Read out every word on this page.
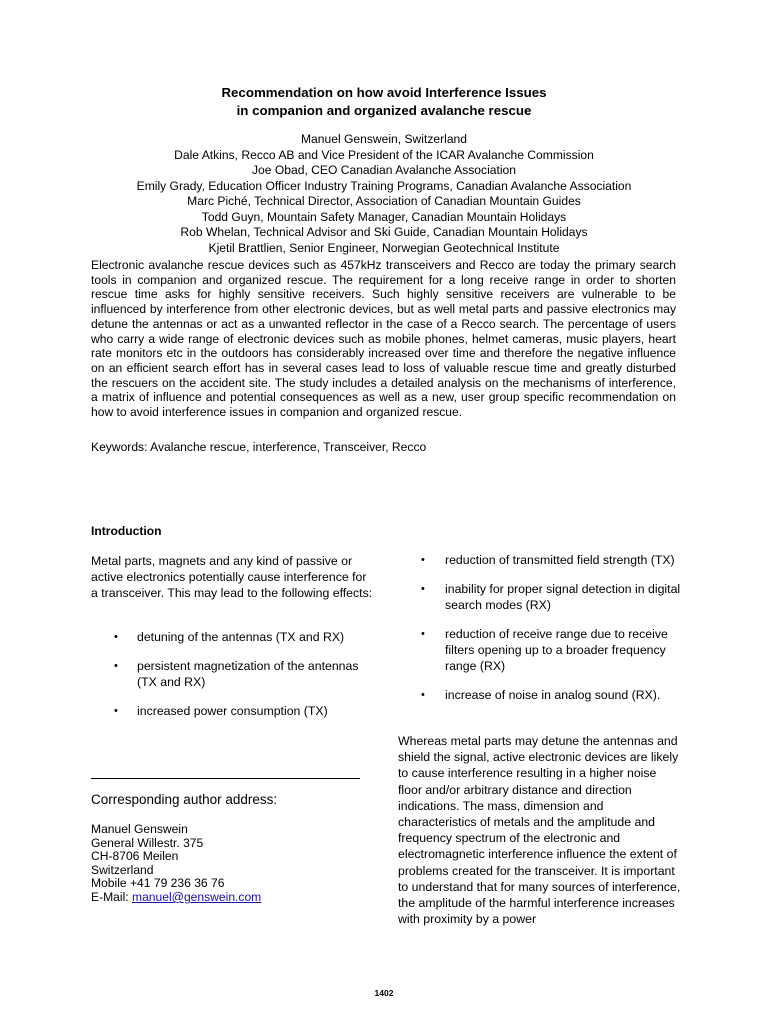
Recommendation on how avoid Interference Issues
in companion and organized avalanche rescue
Manuel Genswein, Switzerland
Dale Atkins, Recco AB and Vice President of the ICAR Avalanche Commission
Joe Obad, CEO Canadian Avalanche Association
Emily Grady, Education Officer Industry Training Programs, Canadian Avalanche Association
Marc Piché, Technical Director, Association of Canadian Mountain Guides
Todd Guyn, Mountain Safety Manager, Canadian Mountain Holidays
Rob Whelan, Technical Advisor and Ski Guide, Canadian Mountain Holidays
Kjetil Brattlien, Senior Engineer, Norwegian Geotechnical Institute

Electronic avalanche rescue devices such as 457kHz transceivers and Recco are today the primary search tools in companion and organized rescue. The requirement for a long receive range in order to shorten rescue time asks for highly sensitive receivers. Such highly sensitive receivers are vulnerable to be influenced by interference from other electronic devices, but as well metal parts and passive electronics may detune the antennas or act as a unwanted reflector in the case of a Recco search. The percentage of users who carry a wide range of electronic devices such as mobile phones, helmet cameras, music players, heart rate monitors etc in the outdoors has considerably increased over time and therefore the negative influence on an efficient search effort has in several cases lead to loss of valuable rescue time and greatly disturbed the rescuers on the accident site. The study includes a detailed analysis on the mechanisms of interference, a matrix of influence and potential consequences as well as a new, user group specific recommendation on how to avoid interference issues in companion and organized rescue.

Keywords: Avalanche rescue, interference, Transceiver, Recco

Introduction

Metal parts, magnets and any kind of passive or active electronics potentially cause interference for a transceiver. This may lead to the following effects:

• detuning of the antennas (TX and RX)
• persistent magnetization of the antennas (TX and RX)
• increased power consumption (TX)
• reduction of transmitted field strength (TX)
• inability for proper signal detection in digital search modes (RX)
• reduction of receive range due to receive filters opening up to a broader frequency range (RX)
• increase of noise in analog sound (RX).

Whereas metal parts may detune the antennas and shield the signal, active electronic devices are likely to cause interference resulting in a higher noise floor and/or arbitrary distance and direction indications. The mass, dimension and characteristics of metals and the amplitude and frequency spectrum of the electronic and electromagnetic interference influence the extent of problems created for the transceiver. It is important to understand that for many sources of interference, the amplitude of the harmful interference increases with proximity by a power

Corresponding author address:

Manuel Genswein
General Willestr. 375
CH-8706 Meilen
Switzerland
Mobile +41 79 236 36 76
E-Mail: manuel@genswein.com
1402
